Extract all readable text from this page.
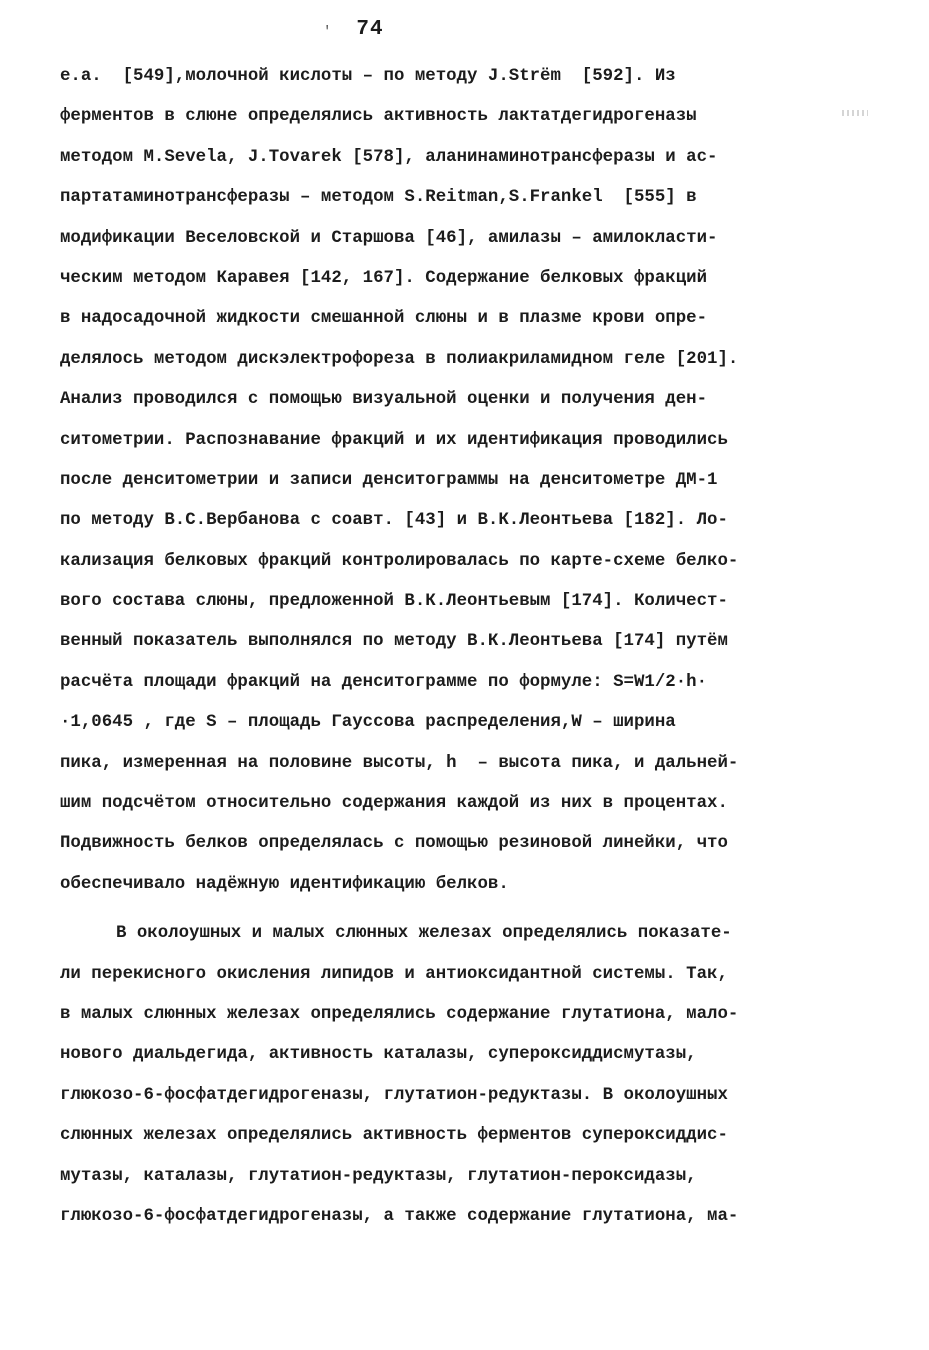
'	74
е.а.  [549],молочной кислоты – по методу J.Strёm  [592]. Из
ферментов в слюне определялись активность лактатдегидрогеназы
методом M.Sevela, J.Tovarek [578], аланинаминотрансферазы и ас-
партатаминотрансферазы – методом S.Reitman,S.Frankel  [555] в
модификации Веселовской и Старшова [46], амилазы – амилокласти-
ческим методом Каравея [142, 167]. Содержание белковых фракций
в надосадочной жидкости смешанной слюны и в плазме крови опре-
делялось методом дискэлектрофореза в полиакриламидном геле [201].
Анализ проводился с помощью визуальной оценки и получения ден-
ситометрии. Распознавание фракций и их идентификация проводились
после денситометрии и записи денситограммы на денситометре ДМ-1
по методу В.С.Вербанова с соавт. [43] и В.К.Леонтьева [182]. Ло-
кализация белковых фракций контролировалась по карте-схеме белко-
вого состава слюны, предложенной В.К.Леонтьевым [174]. Количест-
венный показатель выполнялся по методу В.К.Леонтьева [174] путём
расчёта площади фракций на денситограмме по формуле: S=W1/2·h·
·1,0645 , где S – площадь Гауссова распределения,W – ширина
пика, измеренная на половине высоты, h  – высота пика, и дальней-
шим подсчётом относительно содержания каждой из них в процентах.
Подвижность белков определялась с помощью резиновой линейки, что
обеспечивало надёжную идентификацию белков.
В околоушных и малых слюнных железах определялись показате-
ли перекисного окисления липидов и антиоксидантной системы. Так,
в малых слюнных железах определялись содержание глутатиона, мало-
нового диальдегида, активность каталазы, супероксиддисмутазы,
глюкозо-6-фосфатдегидрогеназы, глутатион-редуктазы. В околоушных
слюнных железах определялись активность ферментов супероксиддис-
мутазы, каталазы, глутатион-редуктазы, глутатион-пероксидазы,
глюкозо-6-фосфатдегидрогеназы, а также содержание глутатиона, ма-
